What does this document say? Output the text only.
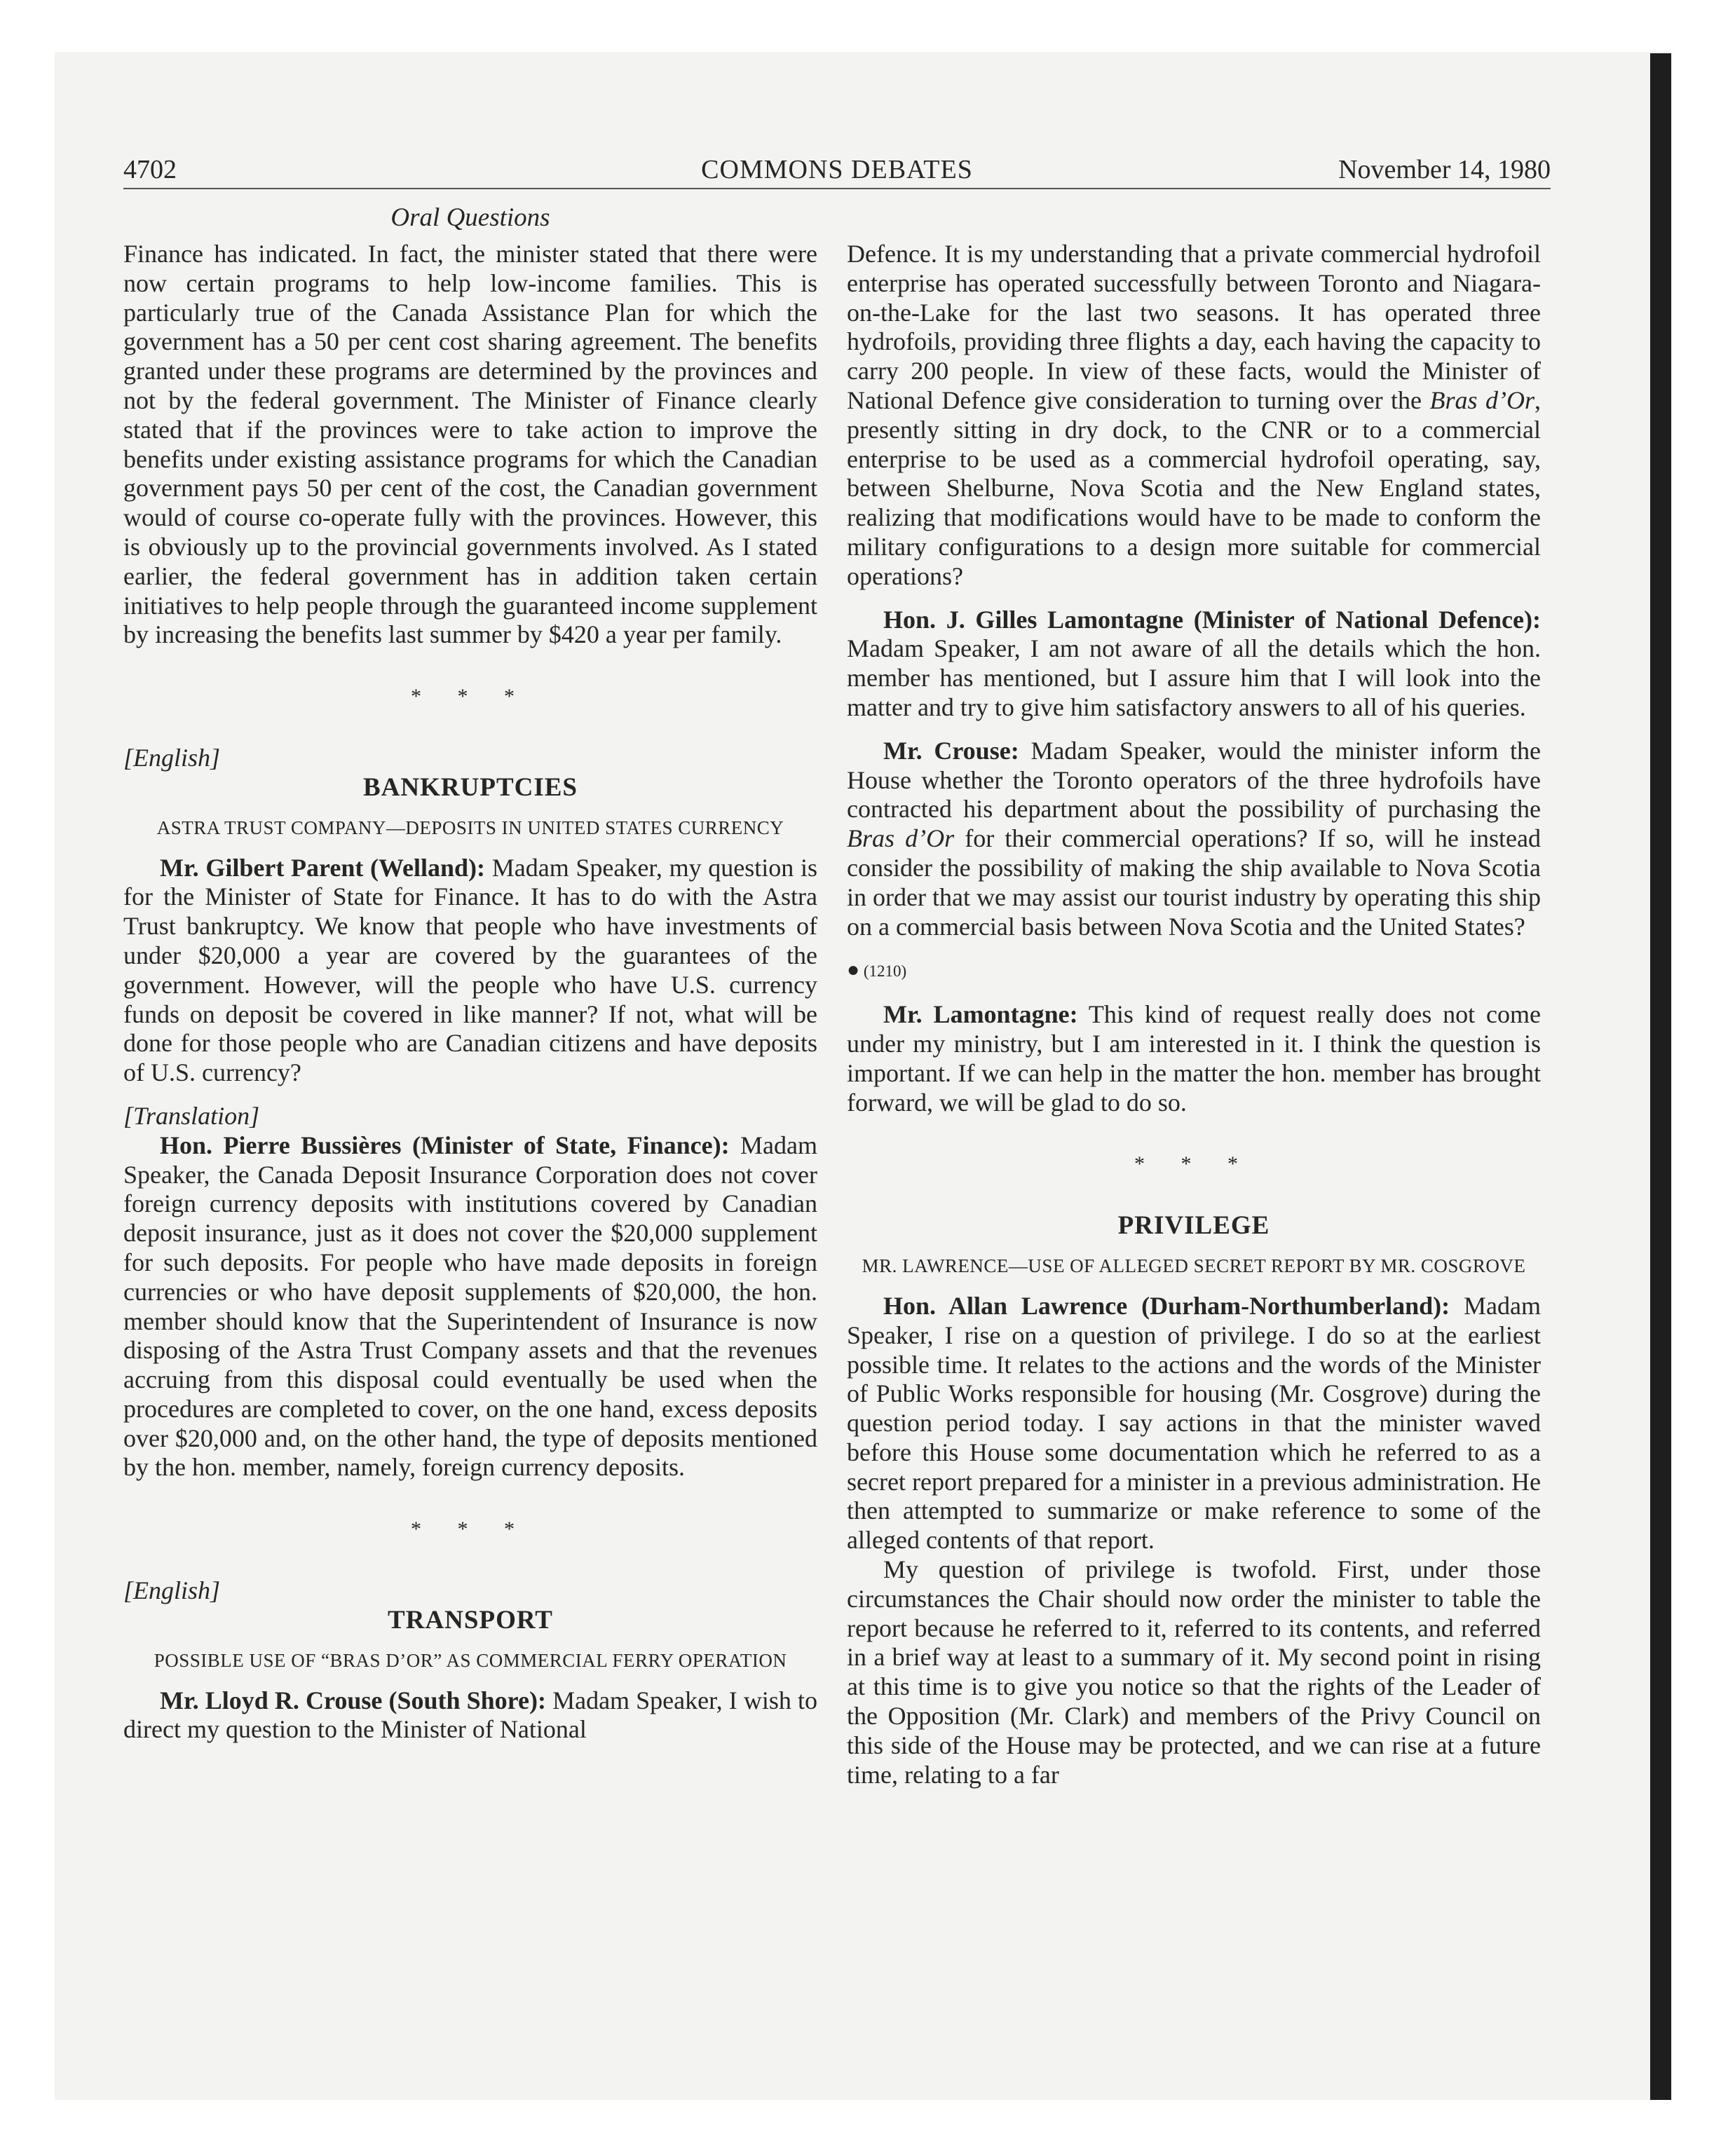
4702	COMMONS DEBATES	November 14, 1980
Oral Questions

Finance has indicated. In fact, the minister stated that there were now certain programs to help low-income families. This is particularly true of the Canada Assistance Plan for which the government has a 50 per cent cost sharing agreement. The benefits granted under these programs are determined by the provinces and not by the federal government. The Minister of Finance clearly stated that if the provinces were to take action to improve the benefits under existing assistance programs for which the Canadian government pays 50 per cent of the cost, the Canadian government would of course co-operate fully with the provinces. However, this is obviously up to the provincial governments involved. As I stated earlier, the federal government has in addition taken certain initiatives to help people through the guaranteed income supplement by increasing the benefits last summer by $420 a year per family.

* * *
[English]
BANKRUPTCIES
ASTRA TRUST COMPANY—DEPOSITS IN UNITED STATES CURRENCY

Mr. Gilbert Parent (Welland): Madam Speaker, my question is for the Minister of State for Finance. It has to do with the Astra Trust bankruptcy. We know that people who have investments of under $20,000 a year are covered by the guarantees of the government. However, will the people who have U.S. currency funds on deposit be covered in like manner? If not, what will be done for those people who are Canadian citizens and have deposits of U.S. currency?

[Translation]

Hon. Pierre Bussières (Minister of State, Finance): Madam Speaker, the Canada Deposit Insurance Corporation does not cover foreign currency deposits with institutions covered by Canadian deposit insurance, just as it does not cover the $20,000 supplement for such deposits. For people who have made deposits in foreign currencies or who have deposit supplements of $20,000, the hon. member should know that the Superintendent of Insurance is now disposing of the Astra Trust Company assets and that the revenues accruing from this disposal could eventually be used when the procedures are completed to cover, on the one hand, excess deposits over $20,000 and, on the other hand, the type of deposits mentioned by the hon. member, namely, foreign currency deposits.

* * *
[English]
TRANSPORT
POSSIBLE USE OF “BRAS D’OR” AS COMMERCIAL FERRY OPERATION

Mr. Lloyd R. Crouse (South Shore): Madam Speaker, I wish to direct my question to the Minister of National

Defence. It is my understanding that a private commercial hydrofoil enterprise has operated successfully between Toronto and Niagara-on-the-Lake for the last two seasons. It has operated three hydrofoils, providing three flights a day, each having the capacity to carry 200 people. In view of these facts, would the Minister of National Defence give consideration to turning over the Bras d’Or, presently sitting in dry dock, to the CNR or to a commercial enterprise to be used as a commercial hydrofoil operating, say, between Shelburne, Nova Scotia and the New England states, realizing that modifications would have to be made to conform the military configurations to a design more suitable for commercial operations?

Hon. J. Gilles Lamontagne (Minister of National Defence): Madam Speaker, I am not aware of all the details which the hon. member has mentioned, but I assure him that I will look into the matter and try to give him satisfactory answers to all of his queries.

Mr. Crouse: Madam Speaker, would the minister inform the House whether the Toronto operators of the three hydrofoils have contracted his department about the possibility of purchasing the Bras d’Or for their commercial operations? If so, will he instead consider the possibility of making the ship available to Nova Scotia in order that we may assist our tourist industry by operating this ship on a commercial basis between Nova Scotia and the United States?

● (1210)

Mr. Lamontagne: This kind of request really does not come under my ministry, but I am interested in it. I think the question is important. If we can help in the matter the hon. member has brought forward, we will be glad to do so.

* * *
PRIVILEGE
MR. LAWRENCE—USE OF ALLEGED SECRET REPORT BY MR. COSGROVE

Hon. Allan Lawrence (Durham-Northumberland): Madam Speaker, I rise on a question of privilege. I do so at the earliest possible time. It relates to the actions and the words of the Minister of Public Works responsible for housing (Mr. Cosgrove) during the question period today. I say actions in that the minister waved before this House some documentation which he referred to as a secret report prepared for a minister in a previous administration. He then attempted to summarize or make reference to some of the alleged contents of that report.

My question of privilege is twofold. First, under those circumstances the Chair should now order the minister to table the report because he referred to it, referred to its contents, and referred in a brief way at least to a summary of it. My second point in rising at this time is to give you notice so that the rights of the Leader of the Opposition (Mr. Clark) and members of the Privy Council on this side of the House may be protected, and we can rise at a future time, relating to a far
